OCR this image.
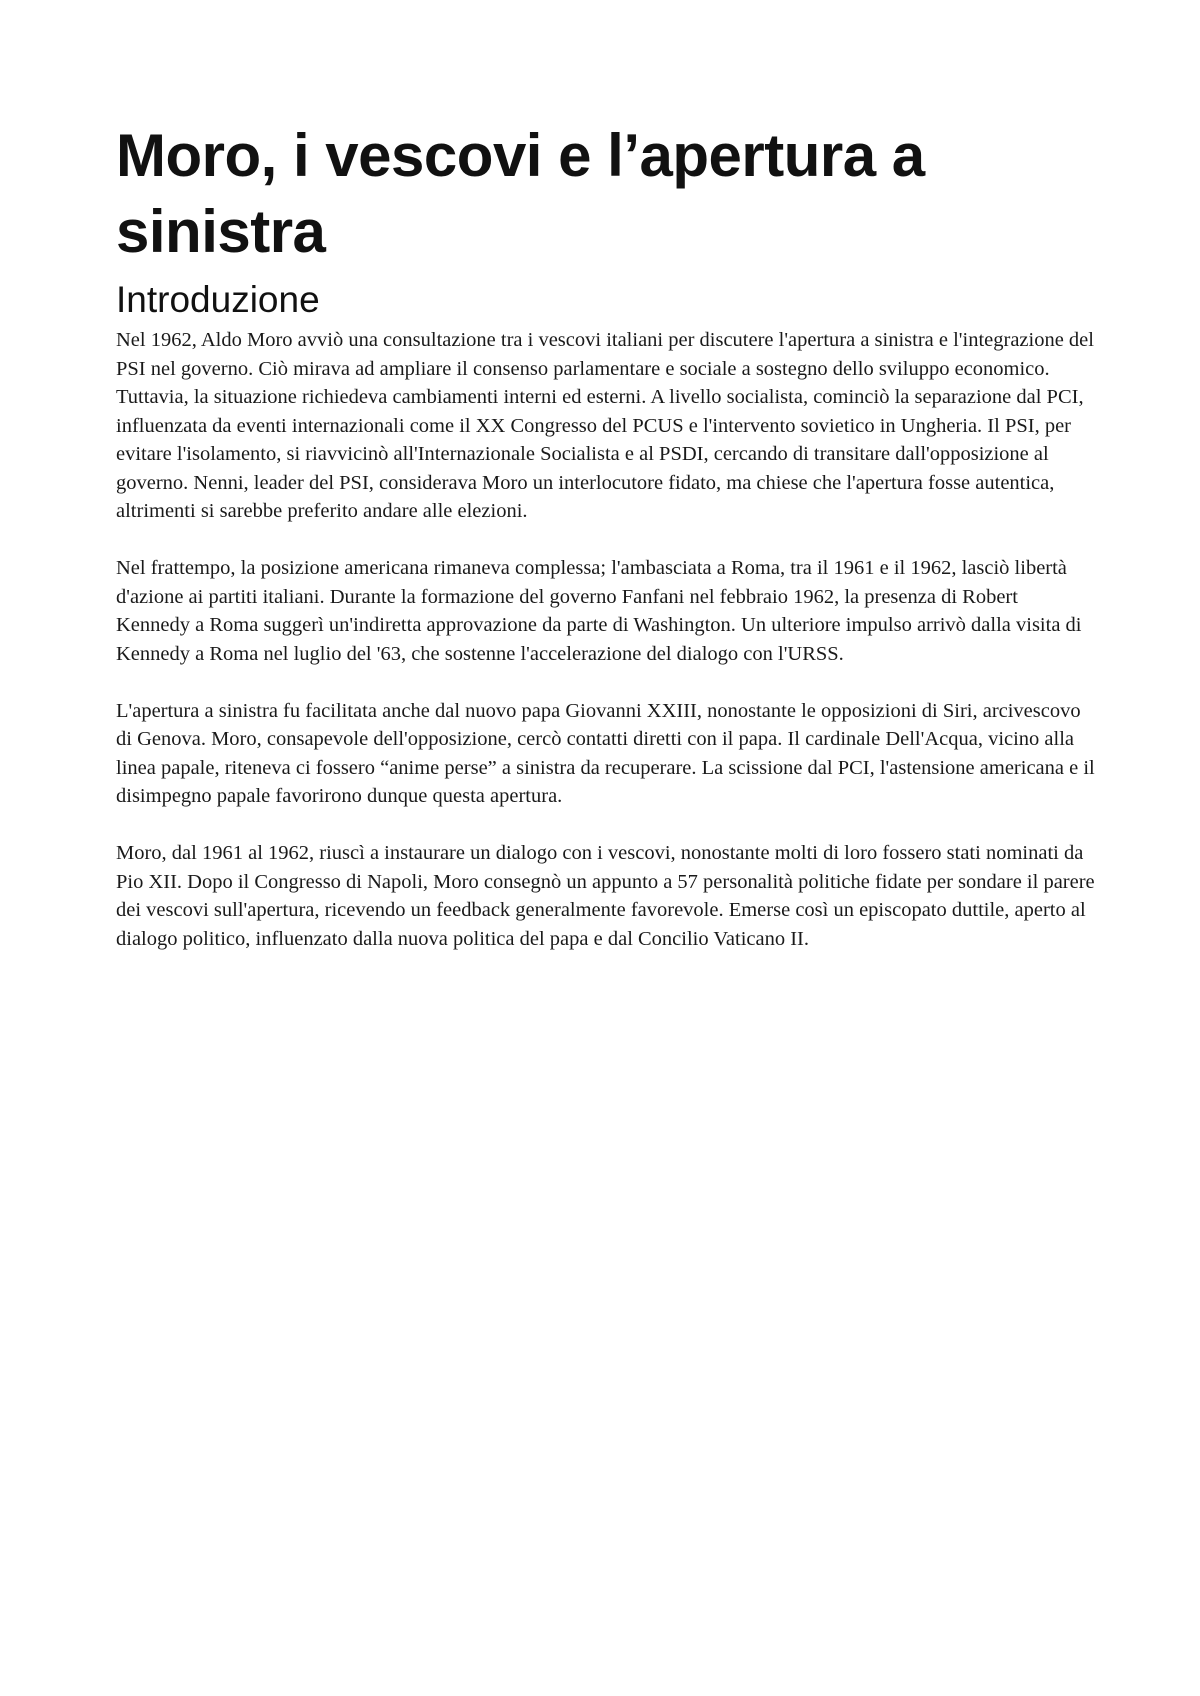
Moro, i vescovi e l’apertura a sinistra
Introduzione

Nel 1962, Aldo Moro avviò una consultazione tra i vescovi italiani per discutere l'apertura a sinistra e l'integrazione del PSI nel governo. Ciò mirava ad ampliare il consenso parlamentare e sociale a sostegno dello sviluppo economico. Tuttavia, la situazione richiedeva cambiamenti interni ed esterni. A livello socialista, cominciò la separazione dal PCI, influenzata da eventi internazionali come il XX Congresso del PCUS e l'intervento sovietico in Ungheria. Il PSI, per evitare l'isolamento, si riavvicinò all'Internazionale Socialista e al PSDI, cercando di transitare dall'opposizione al governo. Nenni, leader del PSI, considerava Moro un interlocutore fidato, ma chiese che l'apertura fosse autentica, altrimenti si sarebbe preferito andare alle elezioni.

Nel frattempo, la posizione americana rimaneva complessa; l'ambasciata a Roma, tra il 1961 e il 1962, lasciò libertà d'azione ai partiti italiani. Durante la formazione del governo Fanfani nel febbraio 1962, la presenza di Robert Kennedy a Roma suggerì un'indiretta approvazione da parte di Washington. Un ulteriore impulso arrivò dalla visita di Kennedy a Roma nel luglio del '63, che sostenne l'accelerazione del dialogo con l'URSS.

L'apertura a sinistra fu facilitata anche dal nuovo papa Giovanni XXIII, nonostante le opposizioni di Siri, arcivescovo di Genova. Moro, consapevole dell'opposizione, cercò contatti diretti con il papa. Il cardinale Dell'Acqua, vicino alla linea papale, riteneva ci fossero “anime perse” a sinistra da recuperare. La scissione dal PCI, l'astensione americana e il disimpegno papale favorirono dunque questa apertura.

Moro, dal 1961 al 1962, riuscì a instaurare un dialogo con i vescovi, nonostante molti di loro fossero stati nominati da Pio XII. Dopo il Congresso di Napoli, Moro consegnò un appunto a 57 personalità politiche fidate per sondare il parere dei vescovi sull'apertura, ricevendo un feedback generalmente favorevole. Emerse così un episcopato duttile, aperto al dialogo politico, influenzato dalla nuova politica del papa e dal Concilio Vaticano II.
